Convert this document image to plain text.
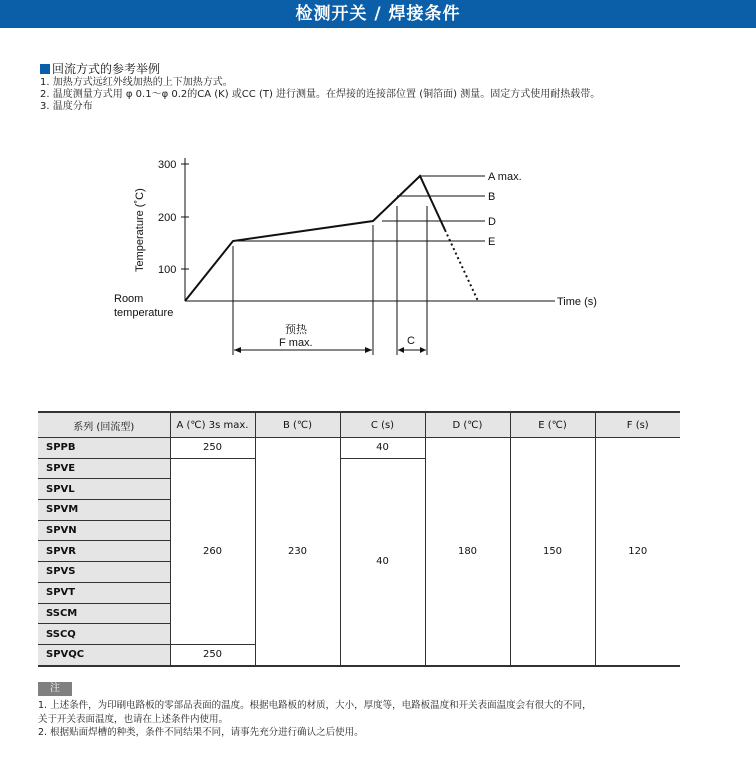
检测开关 / 焊接条件
回流方式的参考举例
1. 加热方式远红外线加热的上下加热方式。
2. 温度测量方式用 φ 0.1～φ 0.2的CA (K) 或CC (T) 进行测量。在焊接的连接部位置 (铜箔面) 测量。固定方式使用耐热载带。
3. 温度分布
300
200
100
Temperature (˚C)
Room
temperature
Time (s)
A max.
B
D
E
预热
F max.	C
系列 (回流型)	A (℃) 3s max.	B (℃)	C (s)	D (℃)	E (℃)	F (s)
SPPB	250	230	40	180	150	120
SPVE	260		40			
SPVL						
SPVM						
SPVN						
SPVR						
SPVS						
SPVT						
SSCM						
SSCQ						
SPVQC	250					
注
1. 上述条件，为印刷电路板的零部品表面的温度。根据电路板的材质，大小，厚度等，电路板温度和开关表面温度会有很大的不同，
关于开关表面温度，也请在上述条件内使用。
2. 根据贴面焊槽的种类，条件不同结果不同，请事先充分进行确认之后使用。
